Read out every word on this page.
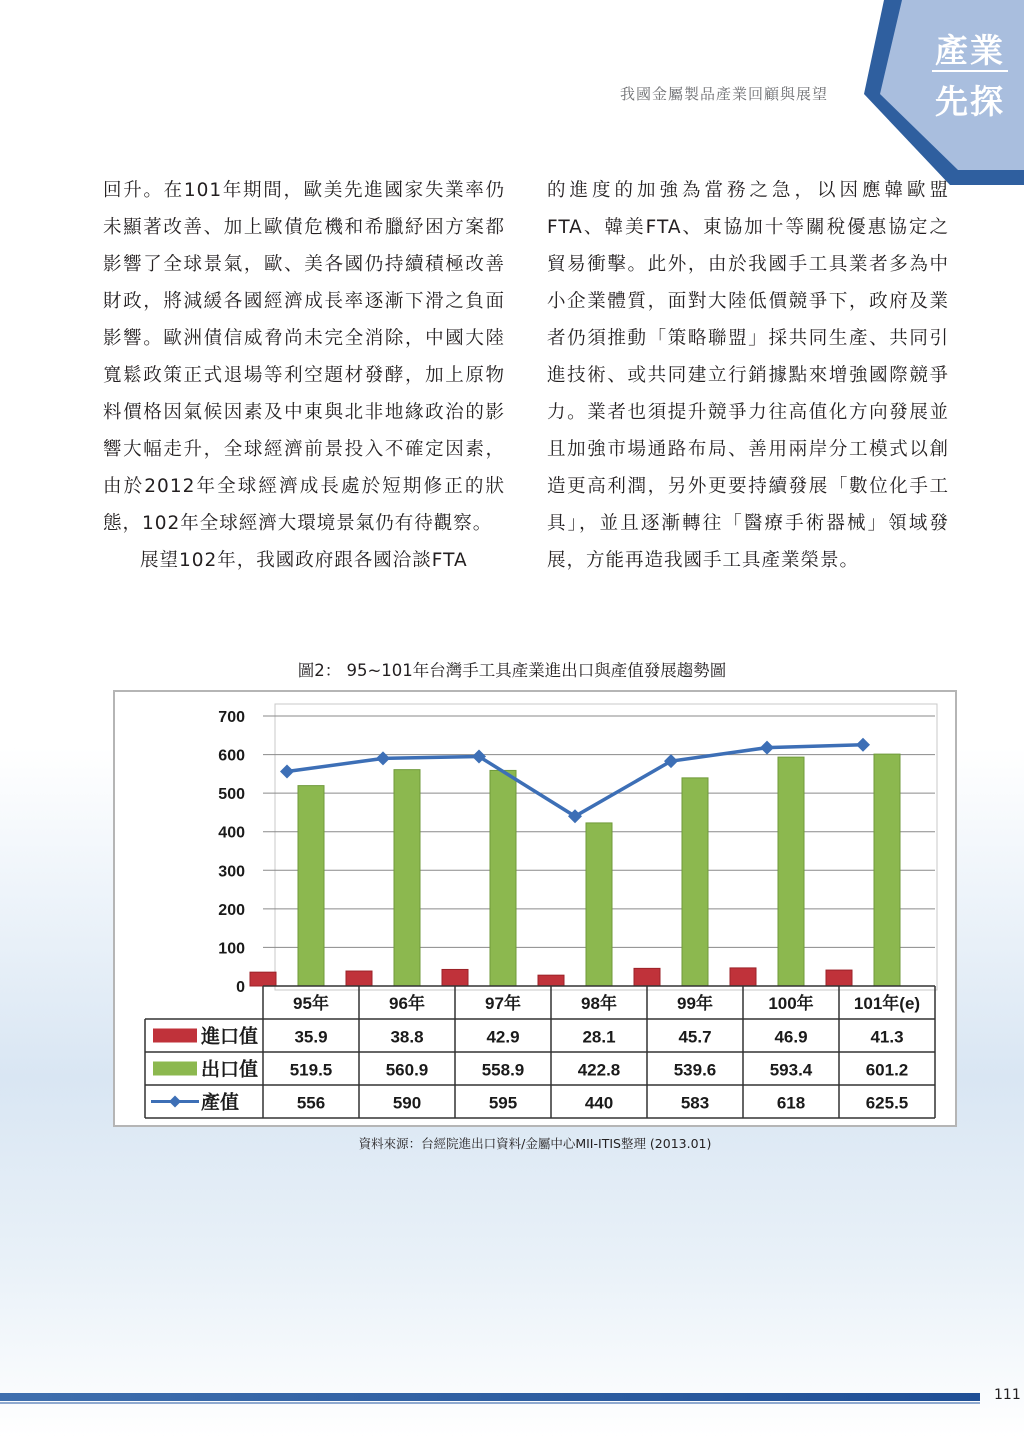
產業
先探
我國金屬製品產業回顧與展望

回升。在101年期間，歐美先進國家失業率仍未顯著改善、加上歐債危機和希臘紓困方案都影響了全球景氣，歐、美各國仍持續積極改善財政，將減緩各國經濟成長率逐漸下滑之負面影響。歐洲債信威脅尚未完全消除，中國大陸寬鬆政策正式退場等利空題材發酵，加上原物料價格因氣候因素及中東與北非地緣政治的影響大幅走升，全球經濟前景投入不確定因素，由於2012年全球經濟成長處於短期修正的狀態，102年全球經濟大環境景氣仍有待觀察。

展望102年，我國政府跟各國洽談FTA

的進度的加強為當務之急，以因應韓歐盟FTA、韓美FTA、東協加十等關稅優惠協定之貿易衝擊。此外，由於我國手工具業者多為中小企業體質，面對大陸低價競爭下，政府及業者仍須推動「策略聯盟」採共同生產、共同引進技術、或共同建立行銷據點來增強國際競爭力。業者也須提升競爭力往高值化方向發展並且加強市場通路布局、善用兩岸分工模式以創造更高利潤，另外更要持續發展「數位化手工具」，並且逐漸轉往「醫療手術器械」領域發展，方能再造我國手工具產業榮景。

圖2： 95~101年台灣手工具產業進出口與產值發展趨勢圖
0
100
200
300
400
500
600
700
95年	96年	97年	98年	99年	100年 101年(e)
進口值 35.9	38.8	42.9	28.1	45.7	46.9	41.3
出口值 519.5	560.9	558.9	422.8	539.6	593.4	601.2
產值	556	590	595	440	583	618	625.5
資料來源：台經院進出口資料/金屬中心MII-ITIS整理 (2013.01)
111
